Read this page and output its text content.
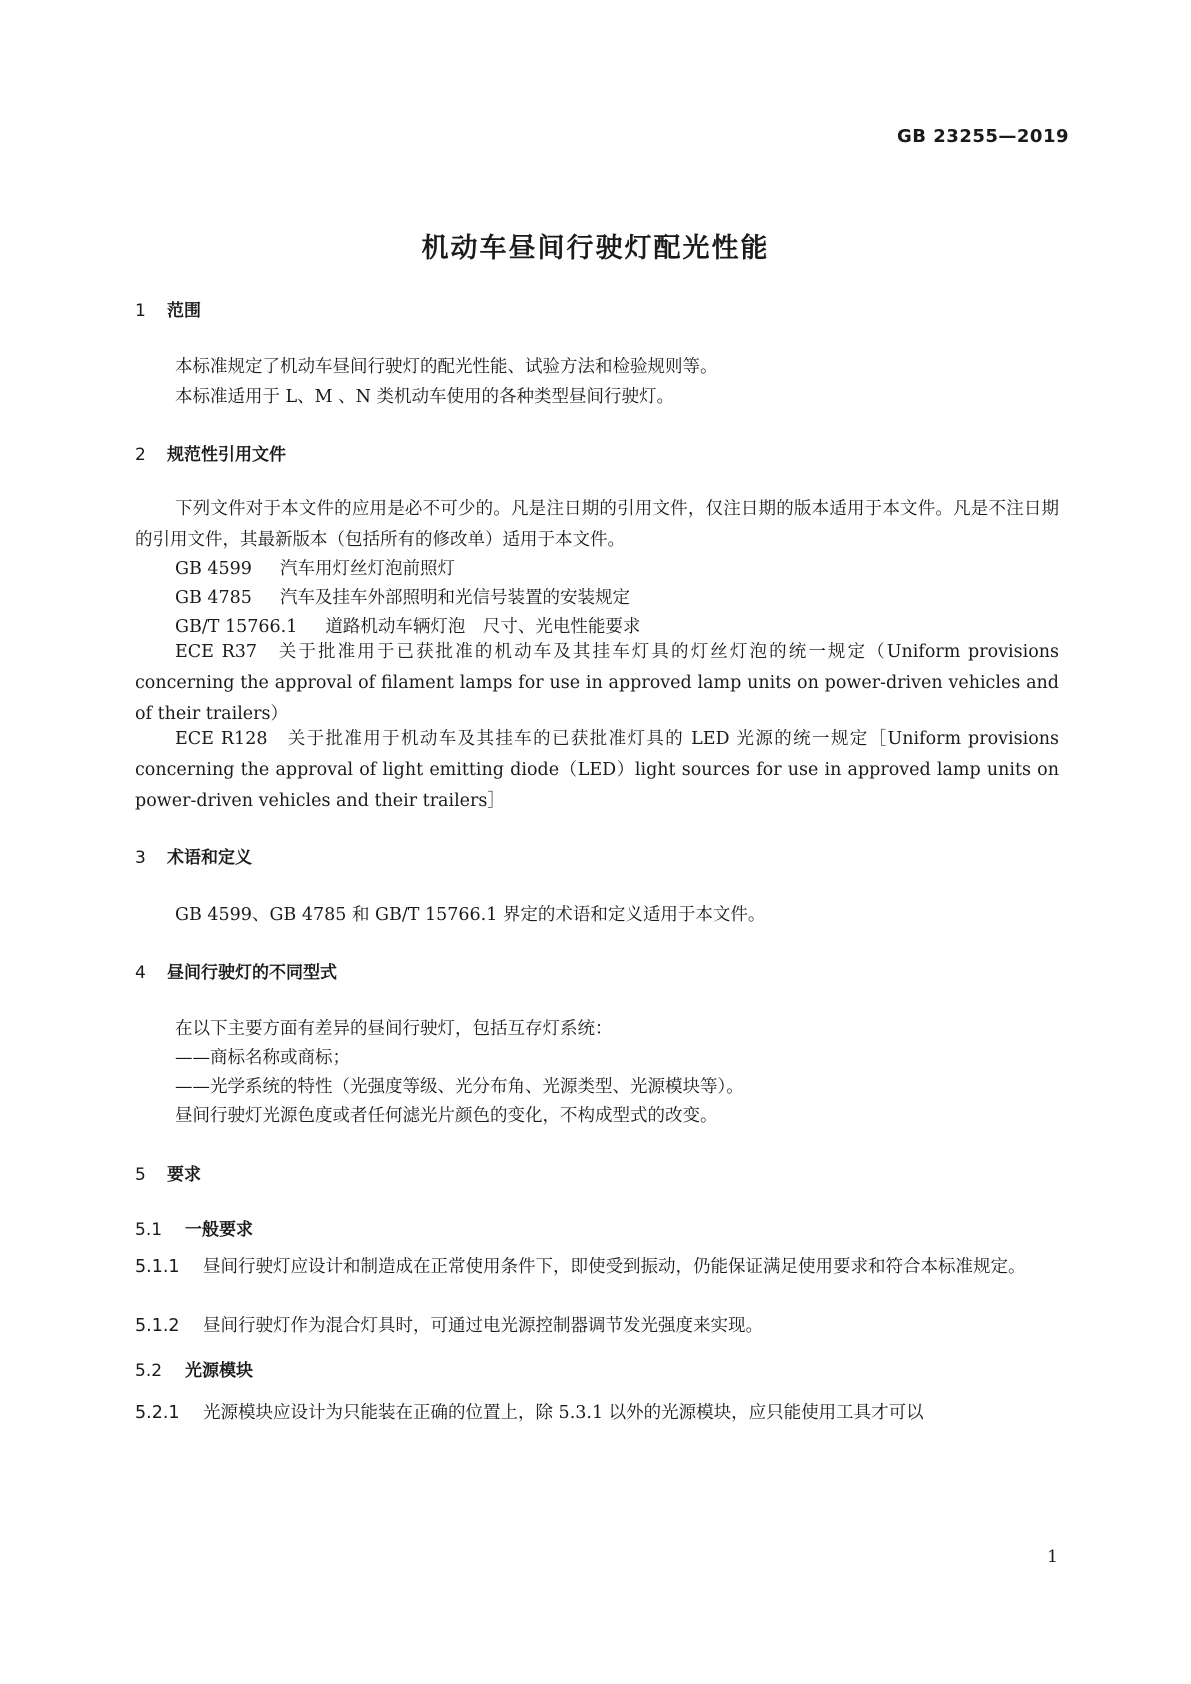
GB 23255—2019
机动车昼间行驶灯配光性能
1 范围
本标准规定了机动车昼间行驶灯的配光性能、试验方法和检验规则等。
本标准适用于 L、M 、N 类机动车使用的各种类型昼间行驶灯。
2 规范性引用文件
下列文件对于本文件的应用是必不可少的。凡是注日期的引用文件，仅注日期的版本适用于本文件。凡是不注日期的引用文件，其最新版本（包括所有的修改单）适用于本文件。
GB 4599 汽车用灯丝灯泡前照灯
GB 4785 汽车及挂车外部照明和光信号装置的安装规定
GB/T 15766.1 道路机动车辆灯泡　尺寸、光电性能要求
ECE R37　关于批准用于已获批准的机动车及其挂车灯具的灯丝灯泡的统一规定（Uniform provisions concerning the approval of filament lamps for use in approved lamp units on power-driven vehicles and of their trailers）
ECE R128　关于批准用于机动车及其挂车的已获批准灯具的 LED 光源的统一规定［Uniform provisions concerning the approval of light emitting diode（LED）light sources for use in approved lamp units on power-driven vehicles and their trailers］
3 术语和定义
GB 4599、GB 4785 和 GB/T 15766.1 界定的术语和定义适用于本文件。
4 昼间行驶灯的不同型式
在以下主要方面有差异的昼间行驶灯，包括互存灯系统：
——商标名称或商标；
——光学系统的特性（光强度等级、光分布角、光源类型、光源模块等）。
昼间行驶灯光源色度或者任何滤光片颜色的变化，不构成型式的改变。
5 要求
5.1 一般要求
5.1.1 昼间行驶灯应设计和制造成在正常使用条件下，即使受到振动，仍能保证满足使用要求和符合本标准规定。
5.1.2 昼间行驶灯作为混合灯具时，可通过电光源控制器调节发光强度来实现。
5.2 光源模块
5.2.1 光源模块应设计为只能装在正确的位置上，除 5.3.1 以外的光源模块，应只能使用工具才可以
1
